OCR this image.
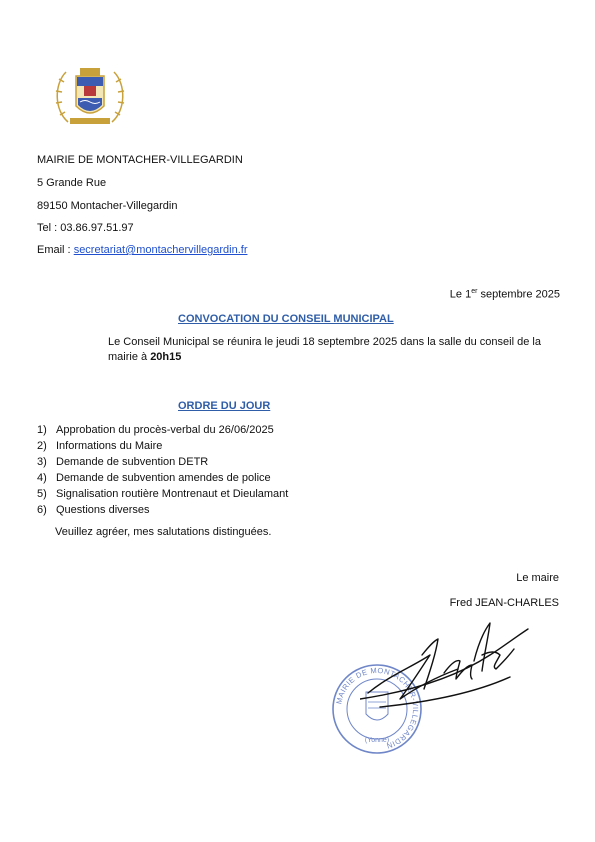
MAIRIE DE MONTACHER-VILLEGARDIN
5 Grande Rue
89150 Montacher-Villegardin
Tel : 03.86.97.51.97
Email : secretariat@montachervillegardin.fr
Le 1er septembre 2025
CONVOCATION DU CONSEIL MUNICIPAL
Le Conseil Municipal se réunira le jeudi 18 septembre 2025 dans la salle du conseil de la mairie à 20h15
ORDRE DU JOUR
1) Approbation du procès-verbal du 26/06/2025
2) Informations du Maire
3) Demande de subvention DETR
4) Demande de subvention amendes de police
5) Signalisation routière Montrenaut et Dieulamant
6) Questions diverses
Veuillez agréer, mes salutations distinguées.
Le maire
Fred JEAN-CHARLES
MAIRIE DE MONTACHER-VILLEGARDIN
(Yonne)
